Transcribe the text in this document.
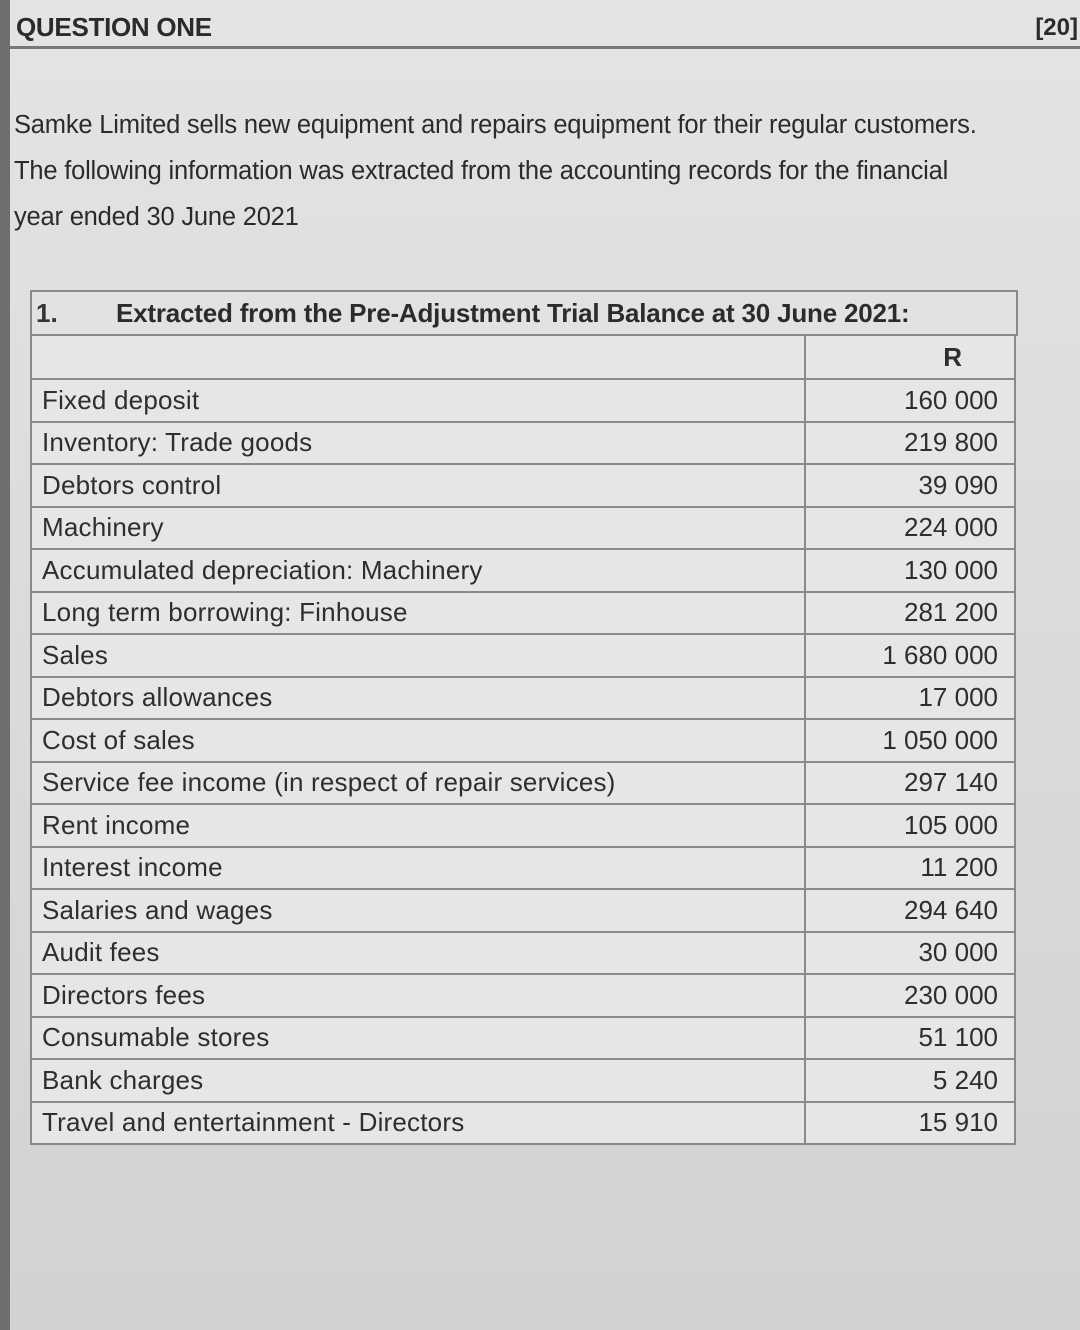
QUESTION ONE	[20]

Samke Limited sells new equipment and repairs equipment for their regular customers.

The following information was extracted from the accounting records for the financial

year ended 30 June 2021

1. Extracted from the Pre-Adjustment Trial Balance at 30 June 2021:
	R
Fixed deposit	160 000
Inventory: Trade goods	219 800
Debtors control	39 090
Machinery	224 000
Accumulated depreciation: Machinery	130 000
Long term borrowing: Finhouse	281 200
Sales	1 680 000
Debtors allowances	17 000
Cost of sales	1 050 000
Service fee income (in respect of repair services)	297 140
Rent income	105 000
Interest income	11 200
Salaries and wages	294 640
Audit fees	30 000
Directors fees	230 000
Consumable stores	51 100
Bank charges	5 240
Travel and entertainment - Directors	15 910
